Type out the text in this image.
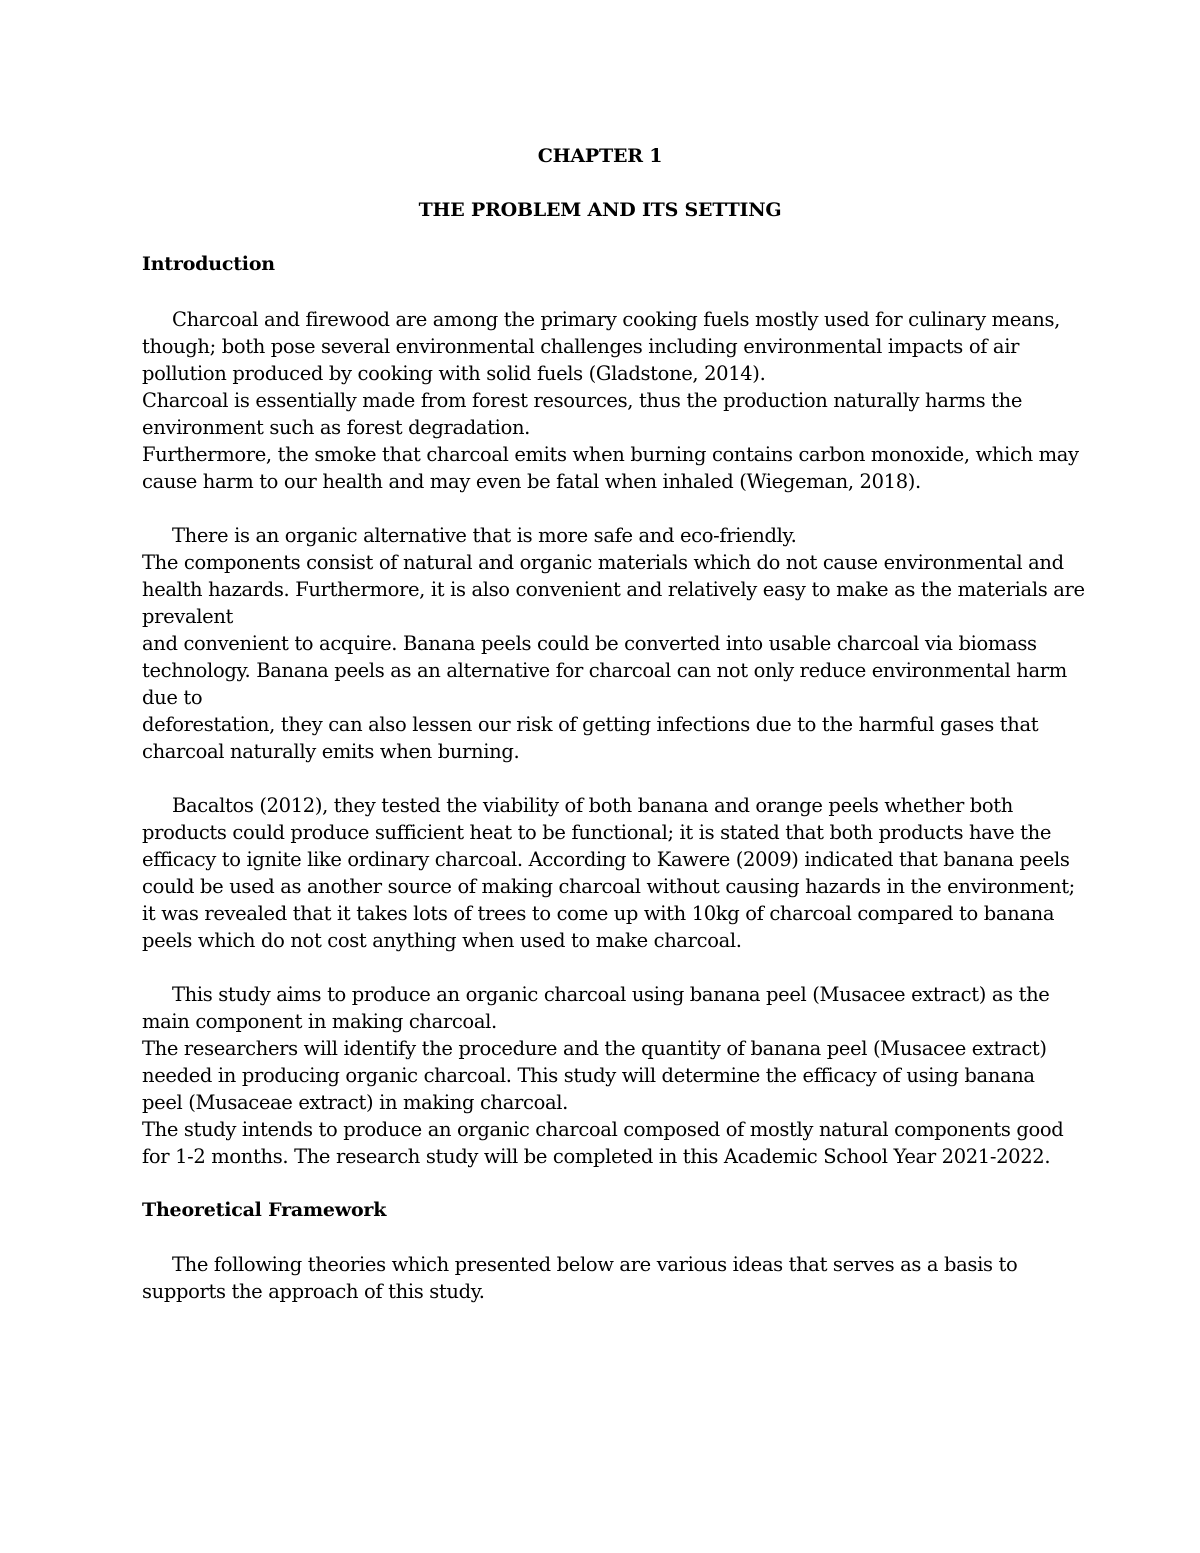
CHAPTER 1
THE PROBLEM AND ITS SETTING
Introduction
Charcoal and firewood are among the primary cooking fuels mostly used for culinary means,
though; both pose several environmental challenges including environmental impacts of air
pollution produced by cooking with solid fuels (Gladstone, 2014).
Charcoal is essentially made from forest resources, thus the production naturally harms the
environment such as forest degradation.
Furthermore, the smoke that charcoal emits when burning contains carbon monoxide, which may
cause harm to our health and may even be fatal when inhaled (Wiegeman, 2018).
There is an organic alternative that is more safe and eco-friendly.
The components consist of natural and organic materials which do not cause environmental and
health hazards. Furthermore, it is also convenient and relatively easy to make as the materials are
prevalent
and convenient to acquire. Banana peels could be converted into usable charcoal via biomass
technology. Banana peels as an alternative for charcoal can not only reduce environmental harm
due to
deforestation, they can also lessen our risk of getting infections due to the harmful gases that
charcoal naturally emits when burning.
Bacaltos (2012), they tested the viability of both banana and orange peels whether both
products could produce sufficient heat to be functional; it is stated that both products have the
efficacy to ignite like ordinary charcoal. According to Kawere (2009) indicated that banana peels
could be used as another source of making charcoal without causing hazards in the environment;
it was revealed that it takes lots of trees to come up with 10kg of charcoal compared to banana
peels which do not cost anything when used to make charcoal.
This study aims to produce an organic charcoal using banana peel (Musacee extract) as the
main component in making charcoal.
The researchers will identify the procedure and the quantity of banana peel (Musacee extract)
needed in producing organic charcoal. This study will determine the efficacy of using banana
peel (Musaceae extract) in making charcoal.
The study intends to produce an organic charcoal composed of mostly natural components good
for 1-2 months. The research study will be completed in this Academic School Year 2021-2022.
Theoretical Framework
The following theories which presented below are various ideas that serves as a basis to
supports the approach of this study.
